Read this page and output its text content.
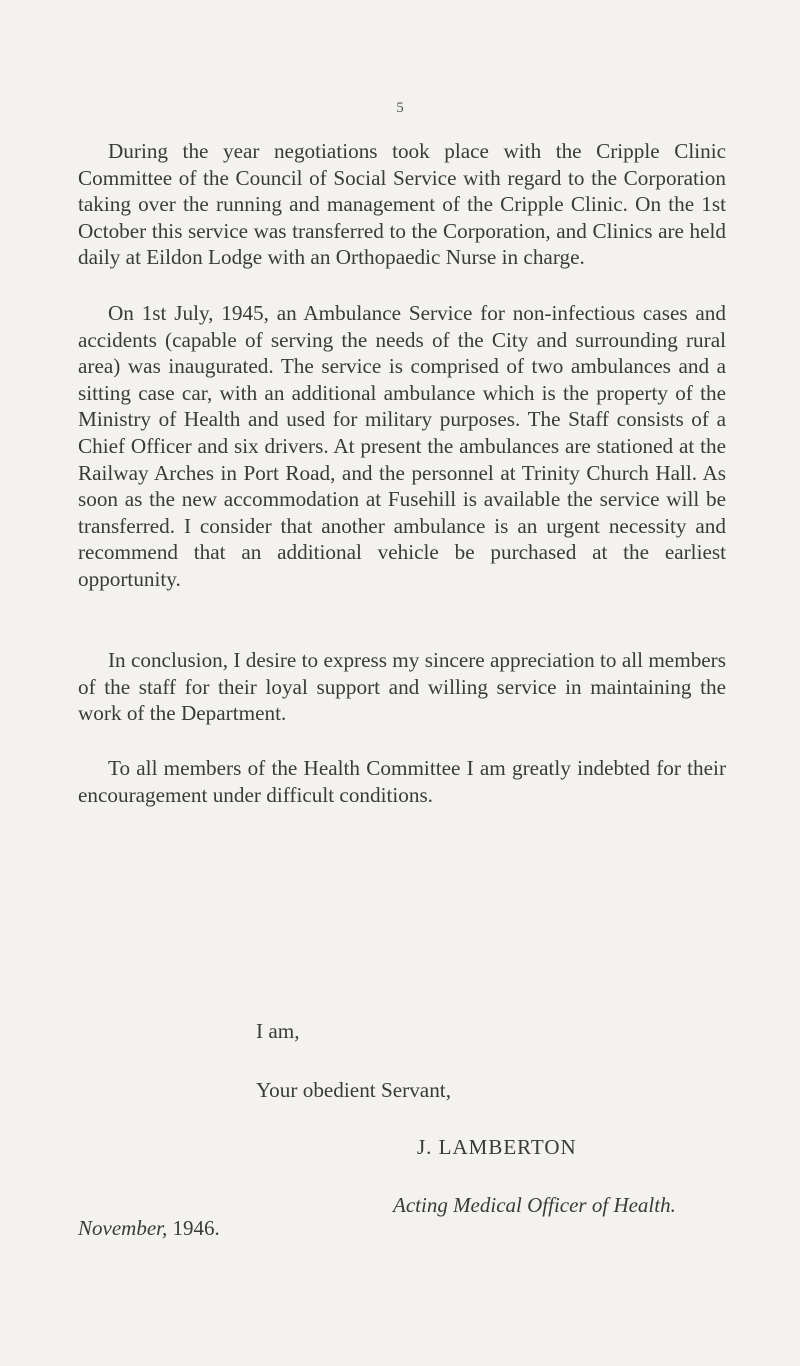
5

During the year negotiations took place with the Cripple Clinic Committee of the Council of Social Service with regard to the Corporation taking over the running and management of the Cripple Clinic. On the 1st October this service was transferred to the Corporation, and Clinics are held daily at Eildon Lodge with an Orthopaedic Nurse in charge.

On 1st July, 1945, an Ambulance Service for non-infectious cases and accidents (capable of serving the needs of the City and surrounding rural area) was inaugurated. The service is comprised of two ambulances and a sitting case car, with an additional ambulance which is the property of the Ministry of Health and used for military purposes. The Staff consists of a Chief Officer and six drivers. At present the ambulances are stationed at the Railway Arches in Port Road, and the personnel at Trinity Church Hall. As soon as the new accommodation at Fusehill is available the service will be transferred. I consider that another ambulance is an urgent necessity and recommend that an additional vehicle be purchased at the earliest opportunity.

In conclusion, I desire to express my sincere appreciation to all members of the staff for their loyal support and willing service in maintaining the work of the Department.

To all members of the Health Committee I am greatly indebted for their encouragement under difficult conditions.

I am,
Your obedient Servant,
J. LAMBERTON
Acting Medical Officer of Health.
November, 1946.
